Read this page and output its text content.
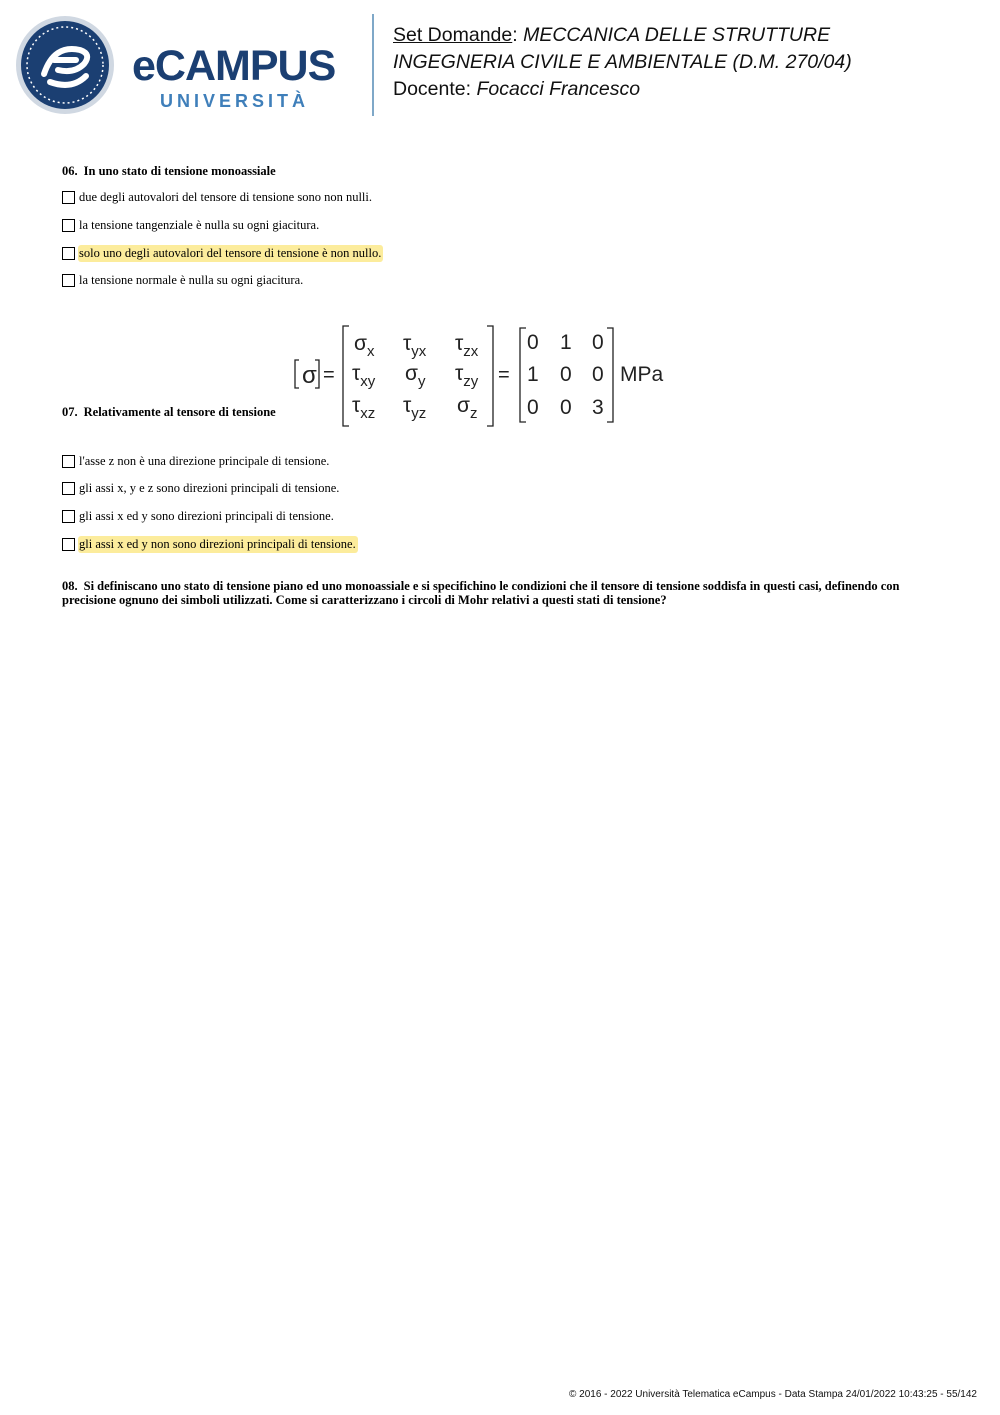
eCAMPUS
UNIVERSITÀ
Set Domande: MECCANICA DELLE STRUTTURE
INGEGNERIA CIVILE E AMBIENTALE (D.M. 270/04)
Docente: Focacci Francesco
06. In uno stato di tensione monoassiale
due degli autovalori del tensore di tensione sono non nulli.
la tensione tangenziale è nulla su ogni giacitura.
solo uno degli autovalori del tensore di tensione è non nullo.
la tensione normale è nulla su ogni giacitura.
07. Relativamente al tensore di tensione
σ =
$\sigma_x$ $\tau_{yx}$ $\tau_{zx}$
$\tau_{xy}$ $\sigma_y$ $\tau_{zy}$
$\tau_{xz}$ $\tau_{yz}$ $\sigma_z$
=
0 1 0
1 0 0
0 0 3
MPa
l'asse z non è una direzione principale di tensione.
gli assi x, y e z sono direzioni principali di tensione.
gli assi x ed y sono direzioni principali di tensione.
gli assi x ed y non sono direzioni principali di tensione.
08. Si definiscano uno stato di tensione piano ed uno monoassiale e si specifichino le condizioni che il tensore di tensione soddisfa in questi casi, definendo con precisione ognuno dei simboli utilizzati. Come si caratterizzano i circoli di Mohr relativi a questi stati di tensione?
© 2016 - 2022 Università Telematica eCampus - Data Stampa 24/01/2022 10:43:25 - 55/142
